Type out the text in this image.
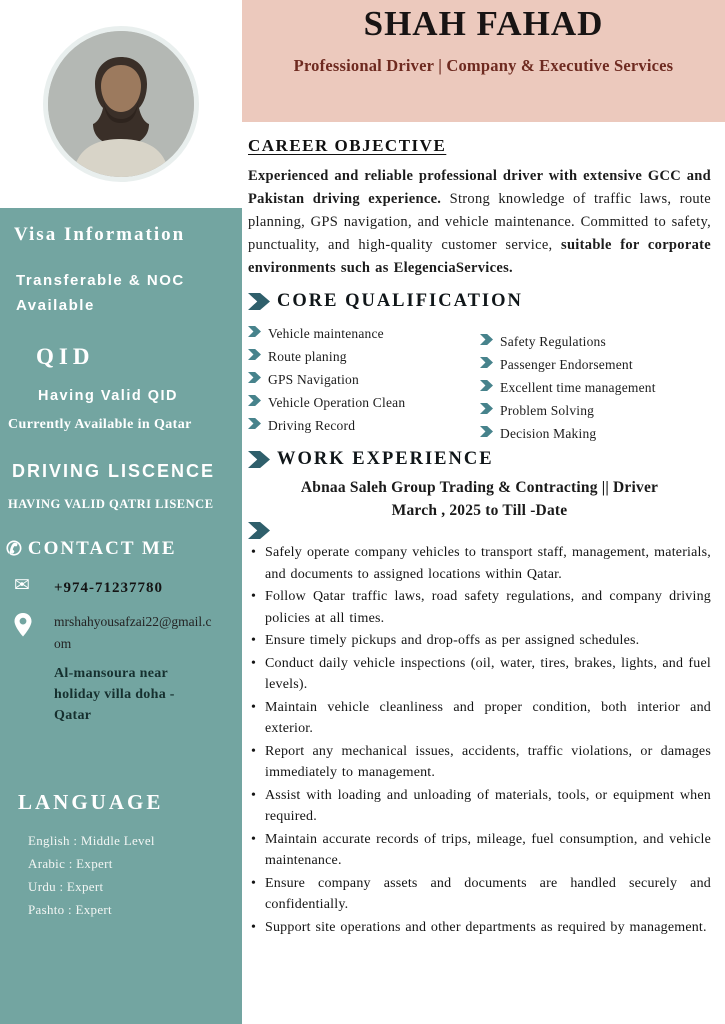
Visa Information
Transferable & NOC Available
QID
Having Valid QID
Currently Available in Qatar
DRIVING LISCENCE
HAVING VALID QATRI LISENCE
✆ CONTACT ME
✉	+974-71237780
mrshahyousafzai22@gmail.com
Al-mansoura near holiday villa doha -Qatar
LANGUAGE
English : Middle Level
Arabic : Expert
Urdu : Expert
Pashto : Expert
SHAH FAHAD
Professional Driver | Company & Executive Services
CAREER OBJECTIVE

Experienced and reliable professional driver with extensive GCC and Pakistan driving experience. Strong knowledge of traffic laws, route planning, GPS navigation, and vehicle maintenance. Committed to safety, punctuality, and high-quality customer service, suitable for corporate environments such as ElegenciaServices.

CORE QUALIFICATION
Vehicle maintenance
Route planing
GPS Navigation
Vehicle Operation Clean
Driving Record
Safety Regulations
Passenger Endorsement
Excellent time management
Problem Solving
Decision Making
WORK EXPERIENCE
Abnaa Saleh Group Trading & Contracting || Driver
March , 2025 to Till -Date
• Safely operate company vehicles to transport staff, management, materials, and documents to assigned locations within Qatar.
• Follow Qatar traffic laws, road safety regulations, and company driving policies at all times.
• Ensure timely pickups and drop-offs as per assigned schedules.
• Conduct daily vehicle inspections (oil, water, tires, brakes, lights, and fuel levels).
• Maintain vehicle cleanliness and proper condition, both interior and exterior.
• Report any mechanical issues, accidents, traffic violations, or damages immediately to management.
• Assist with loading and unloading of materials, tools, or equipment when required.
• Maintain accurate records of trips, mileage, fuel consumption, and vehicle maintenance.
• Ensure company assets and documents are handled securely and confidentially.
• Support site operations and other departments as required by management.
